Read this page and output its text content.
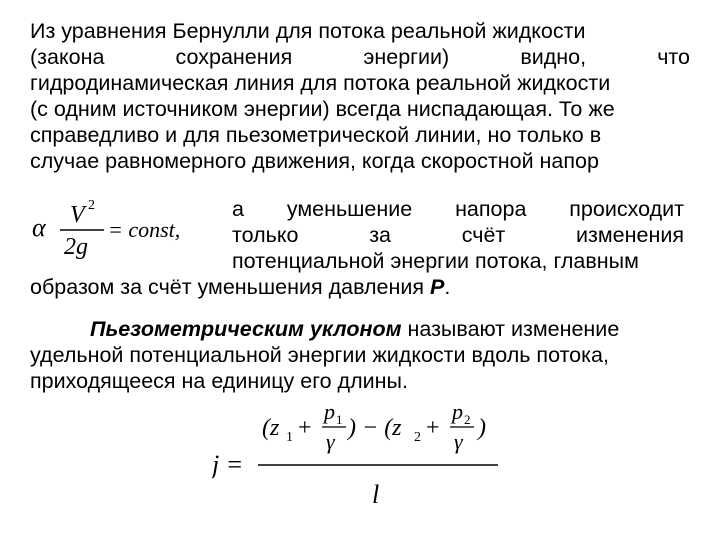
Из уравнения Бернулли для потока реальной жидкости
(закона сохранения энергии) видно, что
гидродинамическая линия для потока реальной жидкости
(с одним источником энергии) всегда ниспадающая. То же
справедливо и для пьезометрической линии, но только в
случае равномерного движения, когда скоростной напор
α V 2
2g
= const,
а уменьшение напора происходит
только за счёт изменения
потенциальной энергии потока, главным
образом за счёт уменьшения давления P.
Пьезометрическим уклоном называют изменение
удельной потенциальной энергии жидкости вдоль потока,
приходящееся на единицу его длины.
j =
(z 1 +
p 1
γ
) − (z 2 +
p 2
γ
)
l
